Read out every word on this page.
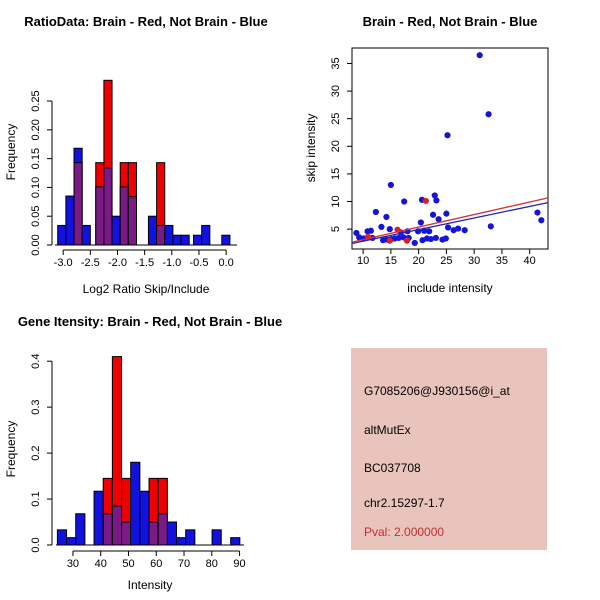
RatioData: Brain - Red, Not Brain - Blue
-3.0 -2.5 -2.0 -1.5 -1.0 -0.5 0.0
0.00
0.05
0.10
0.15
0.20
0.25
Log2 Ratio Skip/Include
Frequency
Brain - Red, Not Brain - Blue
10 15 20 25 30 35 40
5
10
15
20
25
30
35
include intensity
skip intensity
Gene Itensity: Brain - Red, Not Brain - Blue
30 40 50 60 70 80 90
0.0
0.1
0.2
0.3
0.4
Intensity
Frequency
G7085206@J930156@i_at
altMutEx
BC037708
chr2.15297-1.7
Pval: 2.000000
